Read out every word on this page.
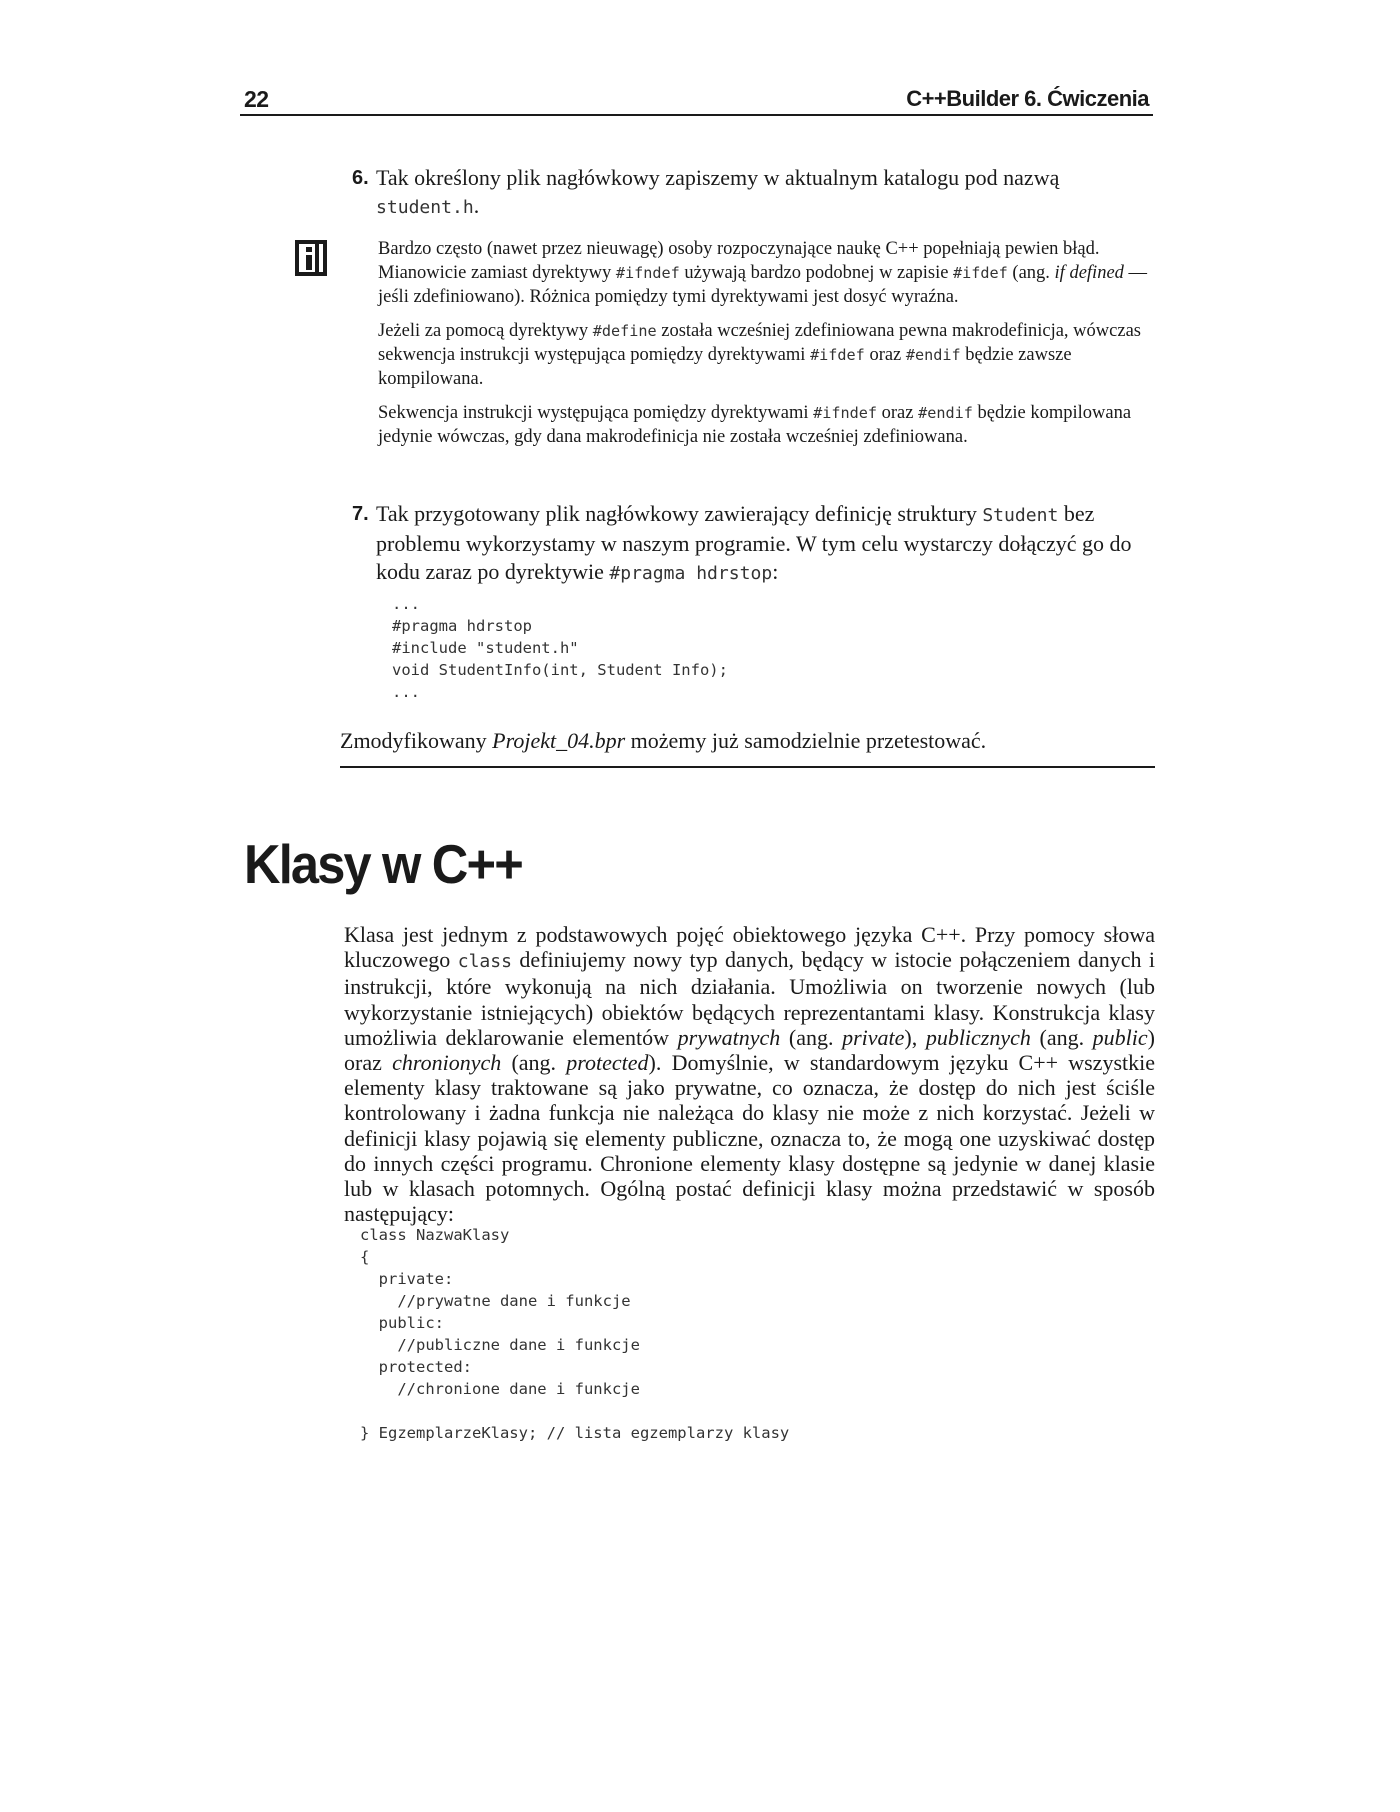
22	C++Builder 6. Ćwiczenia
6. Tak określony plik nagłówkowy zapiszemy w aktualnym katalogu pod nazwą student.h.

Bardzo często (nawet przez nieuwagę) osoby rozpoczynające naukę C++ popełniają pewien błąd. Mianowicie zamiast dyrektywy #ifndef używają bardzo podobnej w zapisie #ifdef (ang. if defined — jeśli zdefiniowano). Różnica pomiędzy tymi dyrektywami jest dosyć wyraźna.

Jeżeli za pomocą dyrektywy #define została wcześniej zdefiniowana pewna makrodefinicja, wówczas sekwencja instrukcji występująca pomiędzy dyrektywami #ifdef oraz #endif będzie zawsze kompilowana.

Sekwencja instrukcji występująca pomiędzy dyrektywami #ifndef oraz #endif będzie kompilowana jedynie wówczas, gdy dana makrodefinicja nie została wcześniej zdefiniowana.

7. Tak przygotowany plik nagłówkowy zawierający definicję struktury Student bez problemu wykorzystamy w naszym programie. W tym celu wystarczy dołączyć go do kodu zaraz po dyrektywie #pragma hdrstop:
...
#pragma hdrstop
#include "student.h"
void StudentInfo(int, Student Info);
...
Zmodyfikowany Projekt_04.bpr możemy już samodzielnie przetestować.
Klasy w C++
Klasa jest jednym z podstawowych pojęć obiektowego języka C++. Przy pomocy słowa kluczowego class definiujemy nowy typ danych, będący w istocie połączeniem danych i instrukcji, które wykonują na nich działania. Umożliwia on tworzenie nowych (lub wykorzystanie istniejących) obiektów będących reprezentantami klasy. Konstrukcja klasy umożliwia deklarowanie elementów prywatnych (ang. private), publicznych (ang. public) oraz chronionych (ang. protected). Domyślnie, w standardowym języku C++ wszystkie elementy klasy traktowane są jako prywatne, co oznacza, że dostęp do nich jest ściśle kontrolowany i żadna funkcja nie należąca do klasy nie może z nich korzystać. Jeżeli w definicji klasy pojawią się elementy publiczne, oznacza to, że mogą one uzyskiwać dostęp do innych części programu. Chronione elementy klasy dostępne są jedynie w danej klasie lub w klasach potomnych. Ogólną postać definicji klasy można przedstawić w sposób następujący:
class NazwaKlasy
{
private:
//prywatne dane i funkcje
public:
//publiczne dane i funkcje
protected:
//chronione dane i funkcje

} EgzemplarzeKlasy; // lista egzemplarzy klasy
